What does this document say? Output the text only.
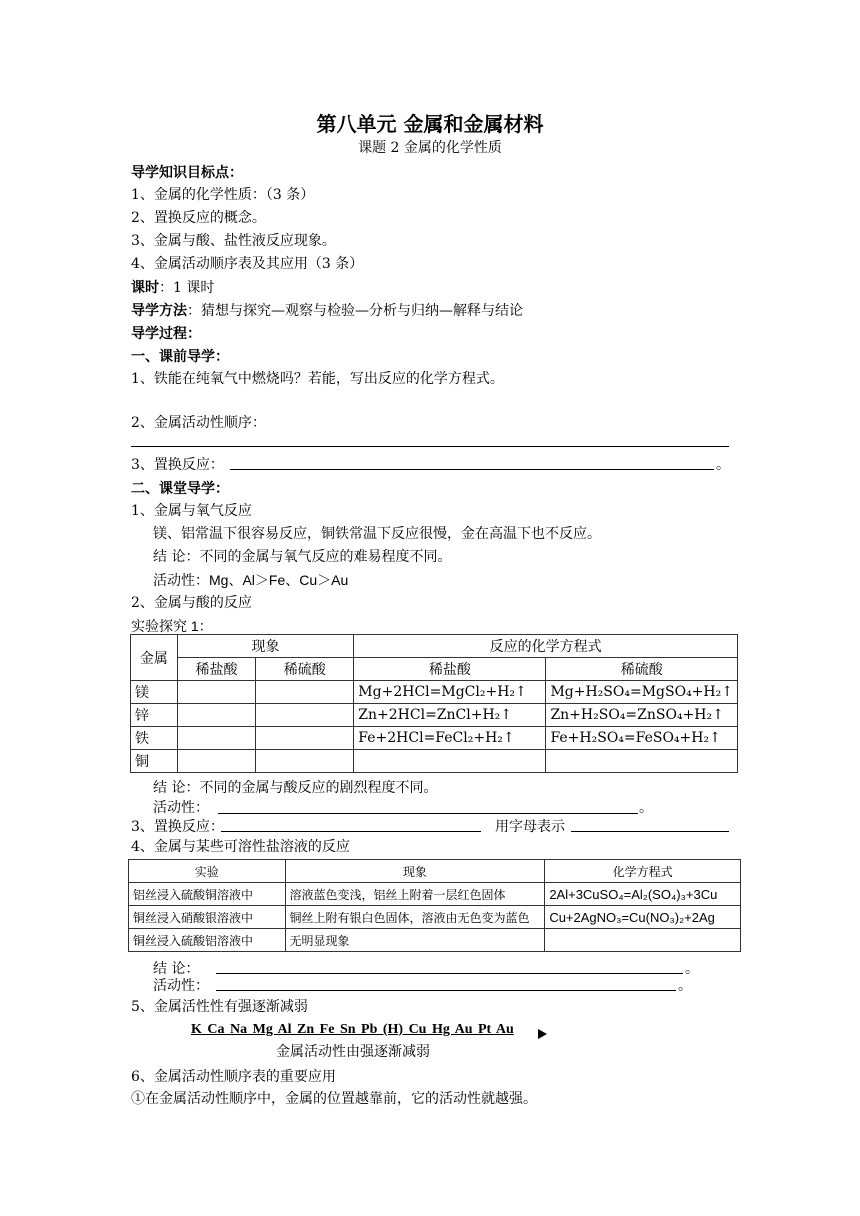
第八单元 金属和金属材料
课题 2 金属的化学性质
导学知识目标点：
1、金属的化学性质：（3 条）
2、置换反应的概念。
3、金属与酸、盐性液反应现象。
4、金属活动顺序表及其应用（3 条）
课时：1 课时
导学方法：猜想与探究—观察与检验—分析与归纳—解释与结论
导学过程：
一、课前导学：
1、铁能在纯氧气中燃烧吗？若能，写出反应的化学方程式。
2、金属活动性顺序：
3、置换反应：	。
二、课堂导学：
1、金属与氧气反应
镁、铝常温下很容易反应，铜铁常温下反应很慢，金在高温下也不反应。
结 论：不同的金属与氧气反应的难易程度不同。
活动性：Mg、Al＞Fe、Cu＞Au
2、金属与酸的反应
实验探究 1：
金属	现象		反应的化学方程式	
	稀盐酸	稀硫酸	稀盐酸	稀硫酸
镁			Mg+2HCl=MgCl₂+H₂↑	Mg+H₂SO₄=MgSO₄+H₂↑
锌			Zn+2HCl=ZnCl+H₂↑	Zn+H₂SO₄=ZnSO₄+H₂↑
铁			Fe+2HCl=FeCl₂+H₂↑	Fe+H₂SO₄=FeSO₄+H₂↑
铜				
结 论：不同的金属与酸反应的剧烈程度不同。
活动性：	。
3、置换反应：	用字母表示
4、金属与某些可溶性盐溶液的反应
实验	现象	化学方程式
铝丝浸入硫酸铜溶液中	溶液蓝色变浅，铝丝上附着一层红色固体	2Al+3CuSO₄=Al₂(SO₄)₃+3Cu
铜丝浸入硝酸银溶液中	铜丝上附有银白色固体，溶液由无色变为蓝色	Cu+2AgNO₃=Cu(NO₃)₂+2Ag
铜丝浸入硫酸铝溶液中	无明显现象	
结 论：	。
活动性：	。
5、金属活性性有强逐渐减弱
K Ca Na Mg Al Zn Fe Sn Pb (H) Cu Hg Au Pt Au
金属活动性由强逐渐减弱
6、金属活动性顺序表的重要应用
①在金属活动性顺序中，金属的位置越靠前，它的活动性就越强。
